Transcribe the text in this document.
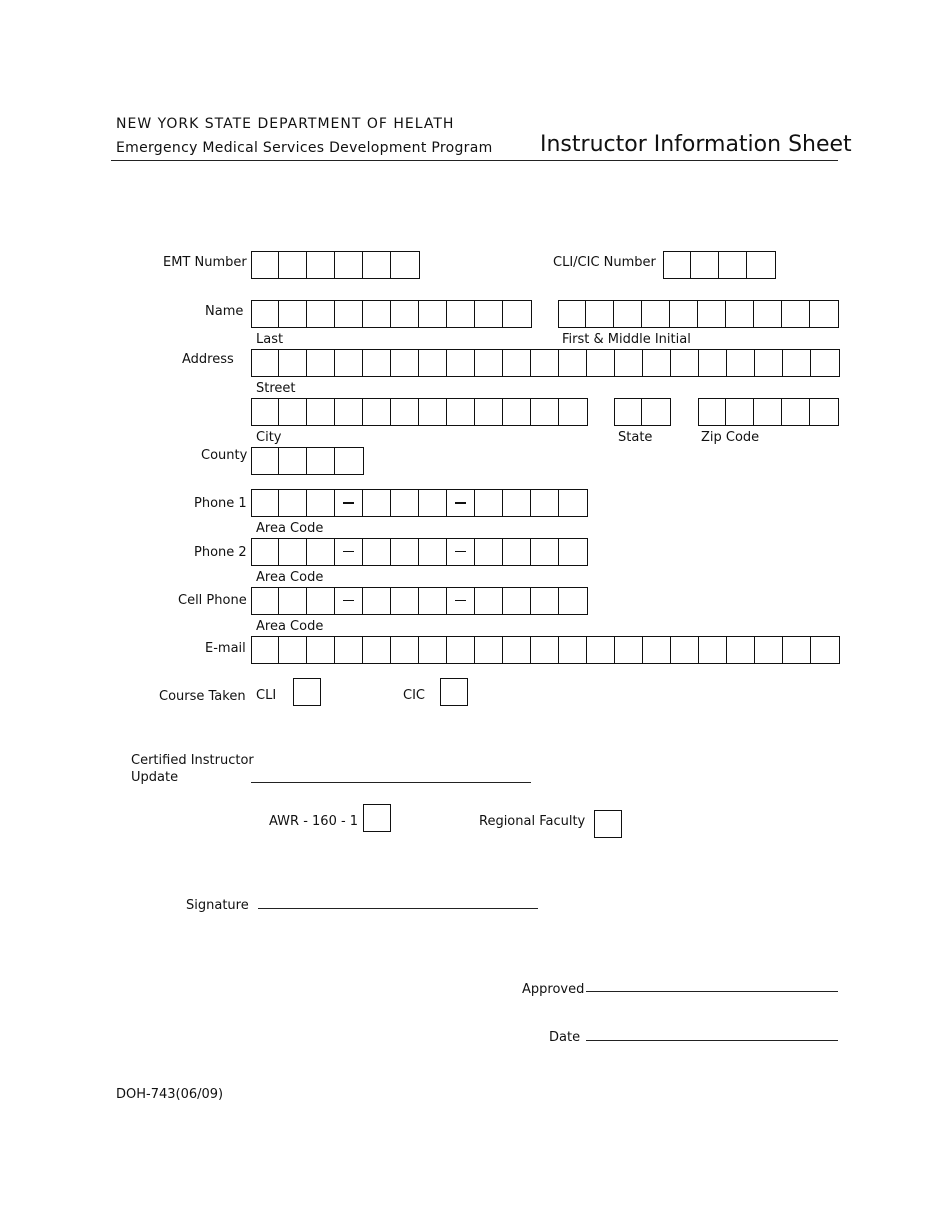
NEW YORK STATE DEPARTMENT OF HELATH
Emergency Medical Services Development Program Instructor Information Sheet
EMT Number	CLI/CIC Number
Name
Last	First & Middle Initial
Address
Street
City	State	Zip Code
County
Phone 1
Area Code
Phone 2
Area Code
Cell Phone
Area Code
E-mail
Course Taken CLI	CIC
Certified Instructor
Update
AWR - 160 - 1	Regional Faculty
Signature
Approved
Date
DOH-743(06/09)
